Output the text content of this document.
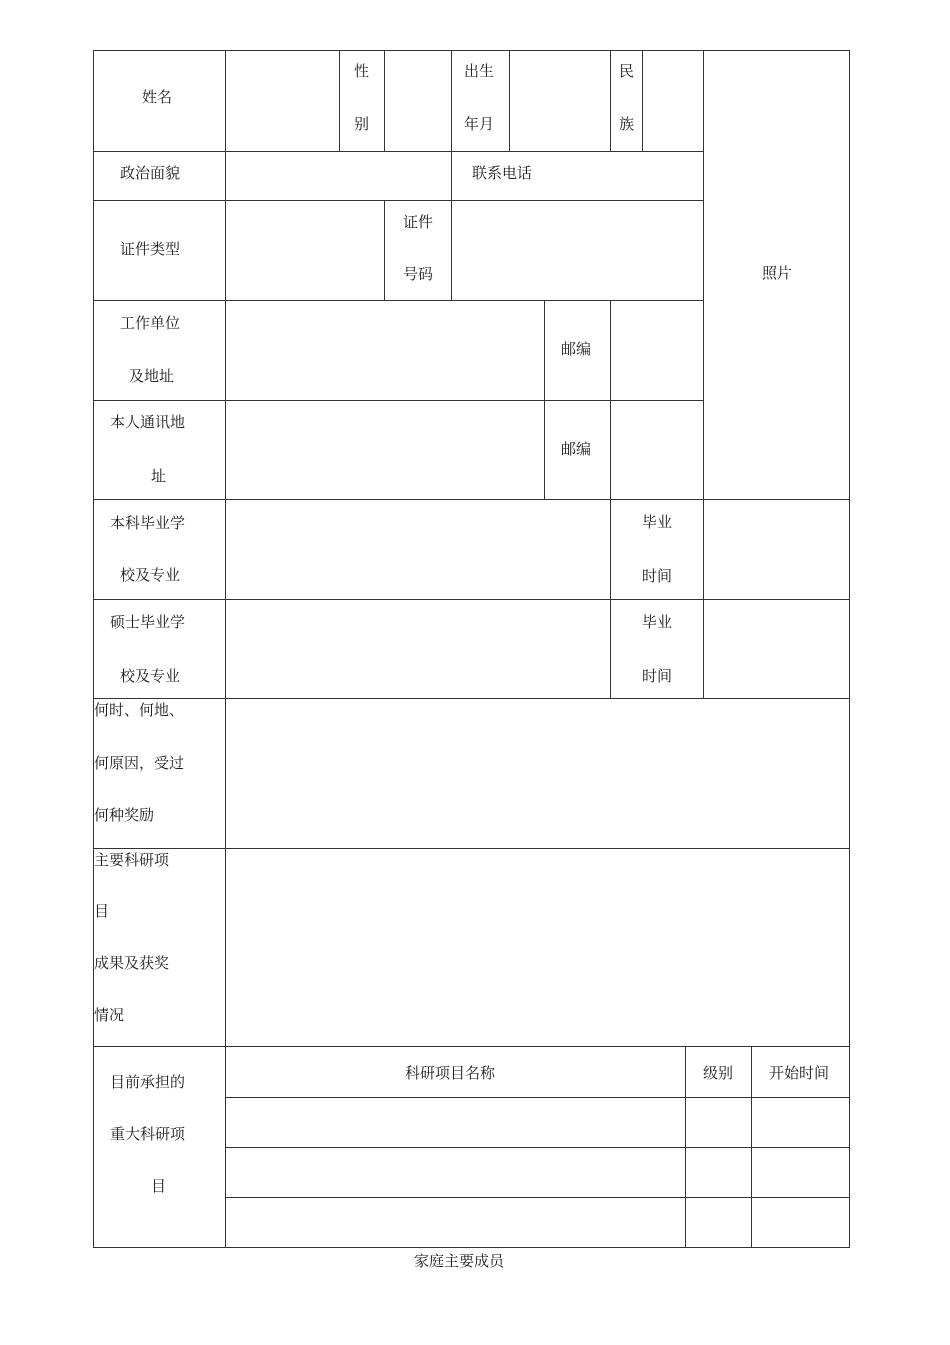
姓名
性
别
出生
年月
民
族
照片
政治面貌	联系电话
证件类型
证件
号码
工作单位
及地址
邮编
本人通讯地
址
邮编
本科毕业学
校及专业
毕业
时间
硕士毕业学
校及专业
毕业
时间
何时、何地、
何原因，受过
何种奖励
主要科研项
目
成果及获奖
情况
目前承担的
重大科研项
目
科研项目名称	级别 开始时间
家庭主要成员
